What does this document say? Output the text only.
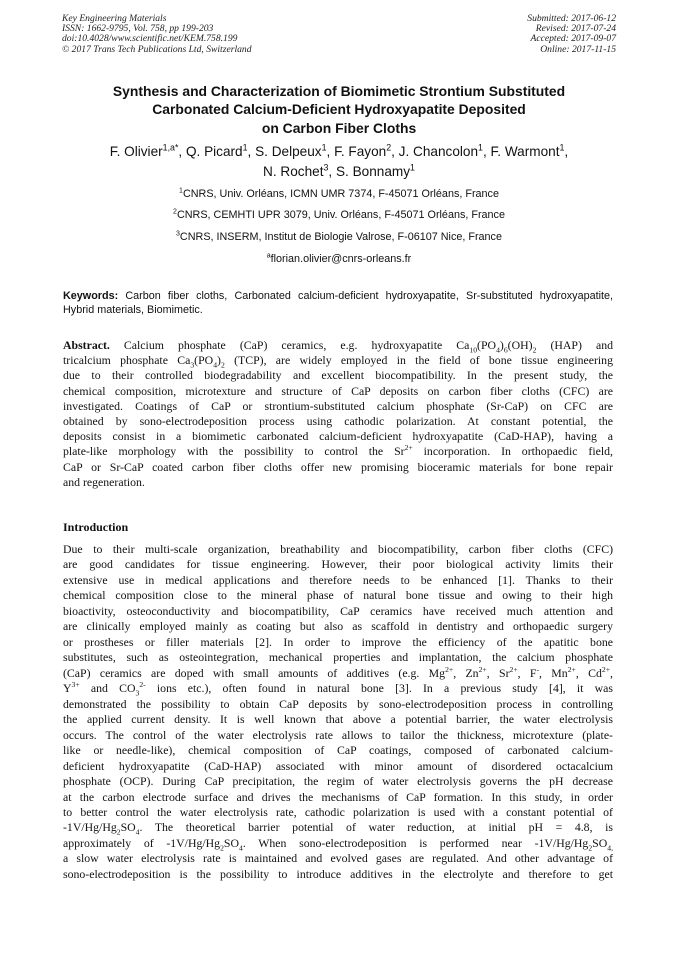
Key Engineering Materials
ISSN: 1662-9795, Vol. 758, pp 199-203
doi:10.4028/www.scientific.net/KEM.758.199
© 2017 Trans Tech Publications Ltd, Switzerland
Submitted: 2017-06-12
Revised: 2017-07-24
Accepted: 2017-09-07
Online: 2017-11-15
Synthesis and Characterization of Biomimetic Strontium Substituted
Carbonated Calcium-Deficient Hydroxyapatite Deposited
on Carbon Fiber Cloths
F. Olivier$^{1,a*}$, Q. Picard$^1$, S. Delpeux$^1$, F. Fayon$^2$, J. Chancolon$^1$, F. Warmont$^1$,
N. Rochet$^3$, S. Bonnamy$^1$
$^1$CNRS, Univ. Orléans, ICMN UMR 7374, F-45071 Orléans, France
$^2$CNRS, CEMHTI UPR 3079, Univ. Orléans, F-45071 Orléans, France
$^3$CNRS, INSERM, Institut de Biologie Valrose, F-06107 Nice, France
$^a$florian.olivier@cnrs-orleans.fr
Keywords: Carbon fiber cloths, Carbonated calcium-deficient hydroxyapatite, Sr-substituted hydroxyapatite, Hybrid materials, Biomimetic.
Abstract. Calcium phosphate (CaP) ceramics, e.g. hydroxyapatite $Ca_{10}(PO_4)_6(OH)_2$ (HAP) and
tricalcium phosphate $Ca_3(PO_4)_2$ (TCP), are widely employed in the field of bone tissue engineering
due to their controlled biodegradability and excellent biocompatibility. In the present study, the
chemical composition, microtexture and structure of CaP deposits on carbon fiber cloths (CFC) are
investigated. Coatings of CaP or strontium-substituted calcium phosphate (Sr-CaP) on CFC are
obtained by sono-electrodeposition process using cathodic polarization. At constant potential, the
deposits consist in a biomimetic carbonated calcium-deficient hydroxyapatite (CaD-HAP), having a
plate-like morphology with the possibility to control the $Sr^{2+}$ incorporation. In orthopaedic field,
CaP or Sr-CaP coated carbon fiber cloths offer new promising bioceramic materials for bone repair
and regeneration.
Introduction
Due to their multi-scale organization, breathability and biocompatibility, carbon fiber cloths (CFC)
are good candidates for tissue engineering. However, their poor biological activity limits their
extensive use in medical applications and therefore needs to be enhanced [1]. Thanks to their
chemical composition close to the mineral phase of natural bone tissue and owing to their high
bioactivity, osteoconductivity and biocompatibility, CaP ceramics have received much attention and
are clinically employed mainly as coating but also as scaffold in dentistry and orthopaedic surgery
or prostheses or filler materials [2]. In order to improve the efficiency of the apatitic bone
substitutes, such as osteointegration, mechanical properties and implantation, the calcium phosphate
(CaP) ceramics are doped with small amounts of additives (e.g. $Mg^{2+}$, $Zn^{2+}$, $Sr^{2+}$, F-, $Mn^{2+}$, $Cd^{2+}$,
$Y^{3+}$ and $CO_3^{2-}$ ions etc.), often found in natural bone [3]. In a previous study [4], it was
demonstrated the possibility to obtain CaP deposits by sono-electrodeposition process in controlling
the applied current density. It is well known that above a potential barrier, the water electrolysis
occurs. The control of the water electrolysis rate allows to tailor the thickness, microtexture (plate-
like or needle-like), chemical composition of CaP coatings, composed of carbonated calcium-
deficient hydroxyapatite (CaD-HAP) associated with minor amount of disordered octacalcium
phosphate (OCP). During CaP precipitation, the regim of water electrolysis governs the pH decrease
at the carbon electrode surface and drives the mechanisms of CaP formation. In this study, in order
to better control the water electrolysis rate, cathodic polarization is used with a constant potential of
$-1V/Hg/Hg_2SO_4$. The theoretical barrier potential of water reduction, at initial pH = 4.8, is
approximately of $-1V/Hg/Hg_2SO_4$. When sono-electrodeposition is performed near $-1V/Hg/Hg_2SO_{4,}$
a slow water electrolysis rate is maintained and evolved gases are regulated. And other advantage of
sono-electrodeposition is the possibility to introduce additives in the electrolyte and therefore to get
